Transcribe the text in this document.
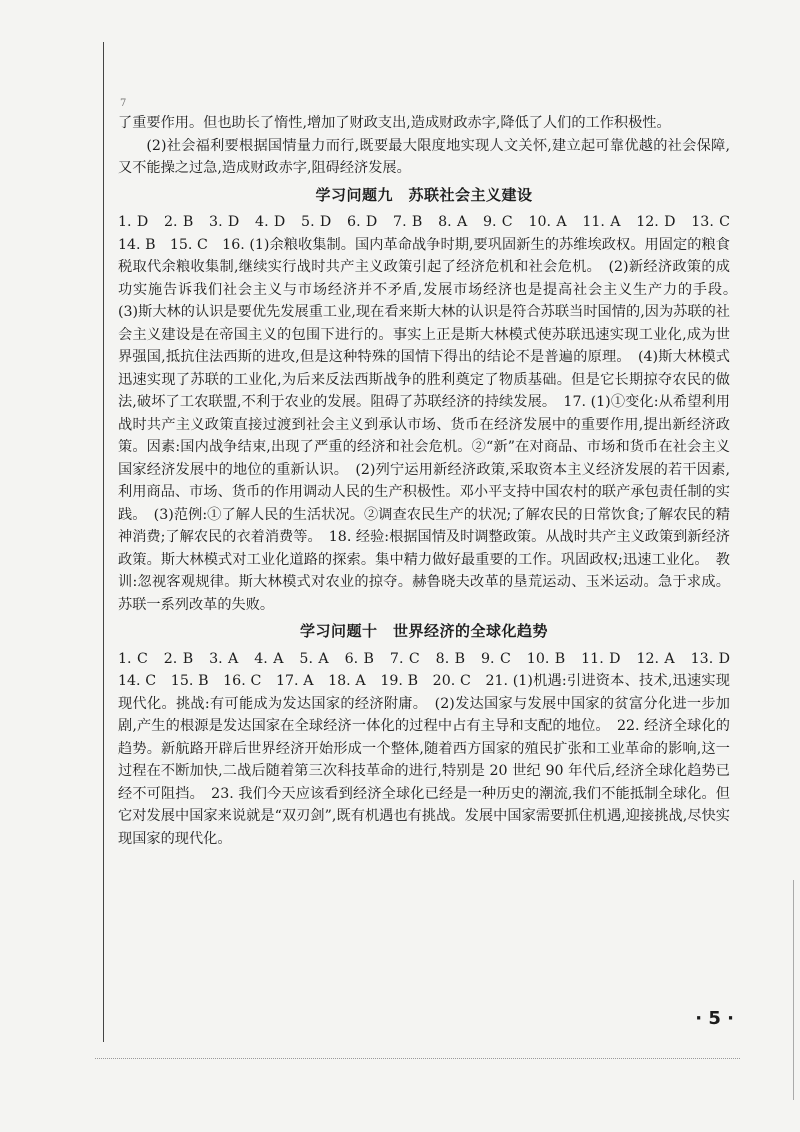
7

了重要作用。但也助长了惰性,增加了财政支出,造成财政赤字,降低了人们的工作积极性。

(2)社会福利要根据国情量力而行,既要最大限度地实现人文关怀,建立起可靠优越的社会保障,又不能操之过急,造成财政赤字,阻碍经济发展。

学习问题九　苏联社会主义建设

1. D　2. B　3. D　4. D　5. D　6. D　7. B　8. A　9. C　10. A　11. A　12. D　13. C　14. B　15. C　16. (1)余粮收集制。国内革命战争时期,要巩固新生的苏维埃政权。用固定的粮食税取代余粮收集制,继续实行战时共产主义政策引起了经济危机和社会危机。　(2)新经济政策的成功实施告诉我们社会主义与市场经济并不矛盾,发展市场经济也是提高社会主义生产力的手段。　(3)斯大林的认识是要优先发展重工业,现在看来斯大林的认识是符合苏联当时国情的,因为苏联的社会主义建设是在帝国主义的包围下进行的。事实上正是斯大林模式使苏联迅速实现工业化,成为世界强国,抵抗住法西斯的进攻,但是这种特殊的国情下得出的结论不是普遍的原理。　(4)斯大林模式迅速实现了苏联的工业化,为后来反法西斯战争的胜利奠定了物质基础。但是它长期掠夺农民的做法,破坏了工农联盟,不利于农业的发展。阻碍了苏联经济的持续发展。　17. (1)①变化:从希望利用战时共产主义政策直接过渡到社会主义到承认市场、货币在经济发展中的重要作用,提出新经济政策。因素:国内战争结束,出现了严重的经济和社会危机。②“新”在对商品、市场和货币在社会主义国家经济发展中的地位的重新认识。　(2)列宁运用新经济政策,采取资本主义经济发展的若干因素,利用商品、市场、货币的作用调动人民的生产积极性。邓小平支持中国农村的联产承包责任制的实践。　(3)范例:①了解人民的生活状况。②调查农民生产的状况;了解农民的日常饮食;了解农民的精神消费;了解农民的衣着消费等。　18. 经验:根据国情及时调整政策。从战时共产主义政策到新经济政策。斯大林模式对工业化道路的探索。集中精力做好最重要的工作。巩固政权;迅速工业化。　教训:忽视客观规律。斯大林模式对农业的掠夺。赫鲁晓夫改革的垦荒运动、玉米运动。急于求成。苏联一系列改革的失败。

学习问题十　世界经济的全球化趋势

1. C　2. B　3. A　4. A　5. A　6. B　7. C　8. B　9. C　10. B　11. D　12. A　13. D　14. C　15. B　16. C　17. A　18. A　19. B　20. C　21. (1)机遇:引进资本、技术,迅速实现现代化。挑战:有可能成为发达国家的经济附庸。　(2)发达国家与发展中国家的贫富分化进一步加剧,产生的根源是发达国家在全球经济一体化的过程中占有主导和支配的地位。　22. 经济全球化的趋势。新航路开辟后世界经济开始形成一个整体,随着西方国家的殖民扩张和工业革命的影响,这一过程在不断加快,二战后随着第三次科技革命的进行,特别是 20 世纪 90 年代后,经济全球化趋势已经不可阻挡。　23. 我们今天应该看到经济全球化已经是一种历史的潮流,我们不能抵制全球化。但它对发展中国家来说就是“双刃剑”,既有机遇也有挑战。发展中国家需要抓住机遇,迎接挑战,尽快实现国家的现代化。

· 5 ·
